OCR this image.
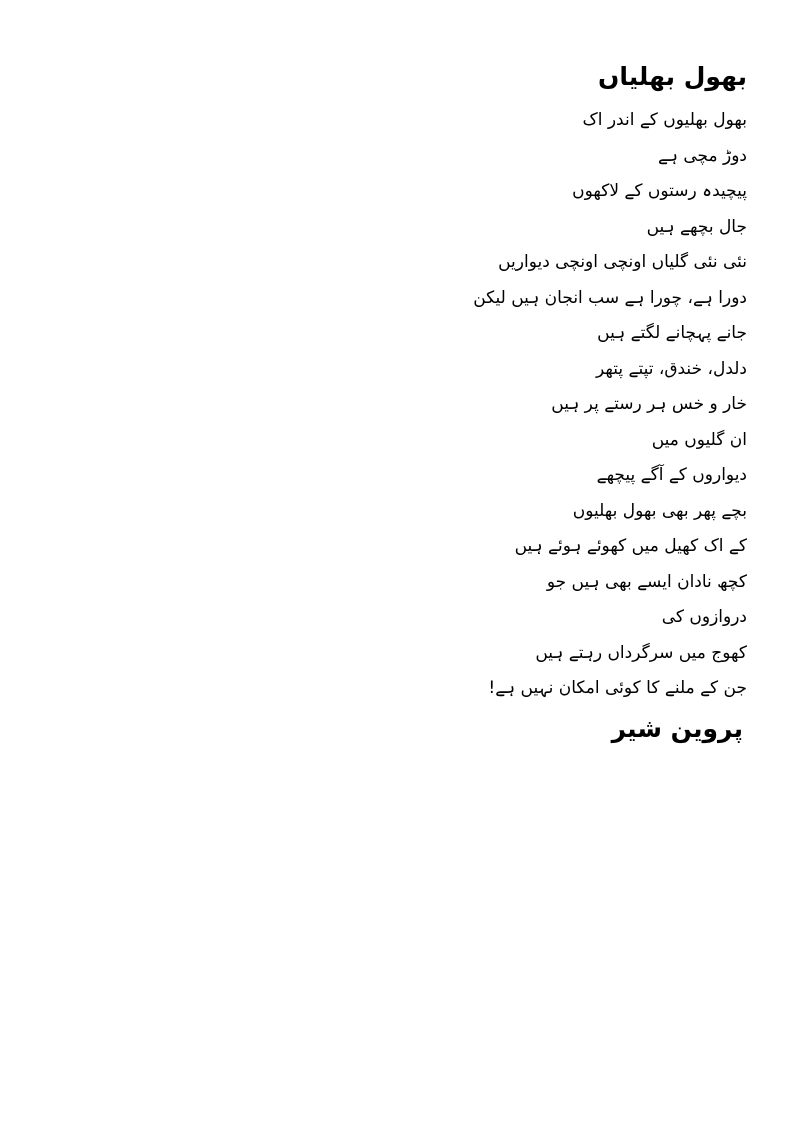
بھول بھلیاں
بھول بھلیوں کے اندر اک
دوڑ مچی ہے
پیچیدہ رستوں کے لاکھوں
جال بچھے ہیں
نئی نئی گلیاں اونچی اونچی دیواریں
دورا ہے، چورا ہے سب انجان ہیں لیکن
جانے پہچانے لگتے ہیں
دلدل، خندق، تپتے پتھر
خار و خس ہر رستے پر ہیں
ان گلیوں میں
دیواروں کے آگے پیچھے
بچے پھر بھی بھول بھلیوں
کے اک کھیل میں کھوئے ہوئے ہیں
کچھ نادان ایسے بھی ہیں جو
دروازوں کی
کھوج میں سرگرداں رہتے ہیں
جن کے ملنے کا کوئی امکان نہیں ہے!
پروین شیر
